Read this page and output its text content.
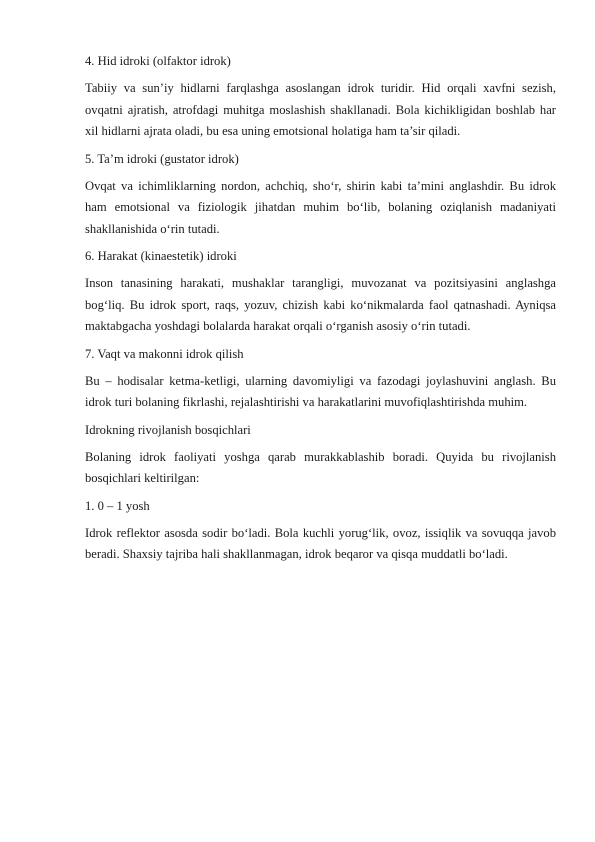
4. Hid idroki (olfaktor idrok)

Tabiiy va sun’iy hidlarni farqlashga asoslangan idrok turidir. Hid orqali xavfni sezish, ovqatni ajratish, atrofdagi muhitga moslashish shakllanadi. Bola kichikligidan boshlab har xil hidlarni ajrata oladi, bu esa uning emotsional holatiga ham ta’sir qiladi.

5. Ta’m idroki (gustator idrok)

Ovqat va ichimliklarning nordon, achchiq, sho‘r, shirin kabi ta’mini anglashdir. Bu idrok ham emotsional va fiziologik jihatdan muhim bo‘lib, bolaning oziqlanish madaniyati shakllanishida o‘rin tutadi.

6. Harakat (kinaestetik) idroki

Inson tanasining harakati, mushaklar tarangligi, muvozanat va pozitsiyasini anglashga bog‘liq. Bu idrok sport, raqs, yozuv, chizish kabi ko‘nikmalarda faol qatnashadi. Ayniqsa maktabgacha yoshdagi bolalarda harakat orqali o‘rganish asosiy o‘rin tutadi.

7. Vaqt va makonni idrok qilish

Bu – hodisalar ketma-ketligi, ularning davomiyligi va fazodagi joylashuvini anglash. Bu idrok turi bolaning fikrlashi, rejalashtirishi va harakatlarini muvofiqlashtirishda muhim.

Idrokning rivojlanish bosqichlari

Bolaning idrok faoliyati yoshga qarab murakkablashib boradi. Quyida bu rivojlanish bosqichlari keltirilgan:

1. 0 – 1 yosh

Idrok reflektor asosda sodir bo‘ladi. Bola kuchli yorug‘lik, ovoz, issiqlik va sovuqqa javob beradi. Shaxsiy tajriba hali shakllanmagan, idrok beqaror va qisqa muddatli bo‘ladi.
